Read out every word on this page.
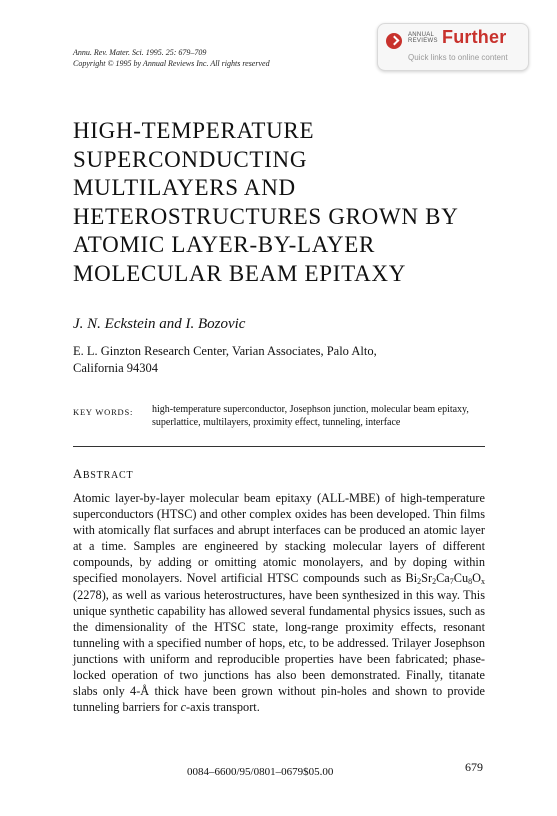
Annu. Rev. Mater. Sci. 1995. 25: 679–709
Copyright © 1995 by Annual Reviews Inc. All rights reserved
ANNUAL REVIEWS Further
Quick links to online content
HIGH-TEMPERATURE
SUPERCONDUCTING
MULTILAYERS AND
HETEROSTRUCTURES GROWN BY
ATOMIC LAYER-BY-LAYER
MOLECULAR BEAM EPITAXY
J. N. Eckstein and I. Bozovic
E. L. Ginzton Research Center, Varian Associates, Palo Alto,
California 94304
KEY WORDS: high-temperature superconductor, Josephson junction, molecular beam epitaxy, superlattice, multilayers, proximity effect, tunneling, interface
ABSTRACT
Atomic layer-by-layer molecular beam epitaxy (ALL-MBE) of high-temperature superconductors (HTSC) and other complex oxides has been developed. Thin films with atomically flat surfaces and abrupt interfaces can be produced an atomic layer at a time. Samples are engineered by stacking molecular layers of different compounds, by adding or omitting atomic monolayers, and by doping within specified monolayers. Novel artificial HTSC compounds such as $Bi_2Sr_2Ca_7Cu_8O_x$ (2278), as well as various heterostructures, have been synthesized in this way. This unique synthetic capability has allowed several fundamental physics issues, such as the dimensionality of the HTSC state, long-range proximity effects, resonant tunneling with a specified number of hops, etc, to be addressed. Trilayer Josephson junctions with uniform and reproducible properties have been fabricated; phase-locked operation of two junctions has also been demonstrated. Finally, titanate slabs only 4-Å thick have been grown without pin-holes and shown to provide tunneling barriers for c-axis transport.
0084–6600/95/0801–0679$05.00	679
